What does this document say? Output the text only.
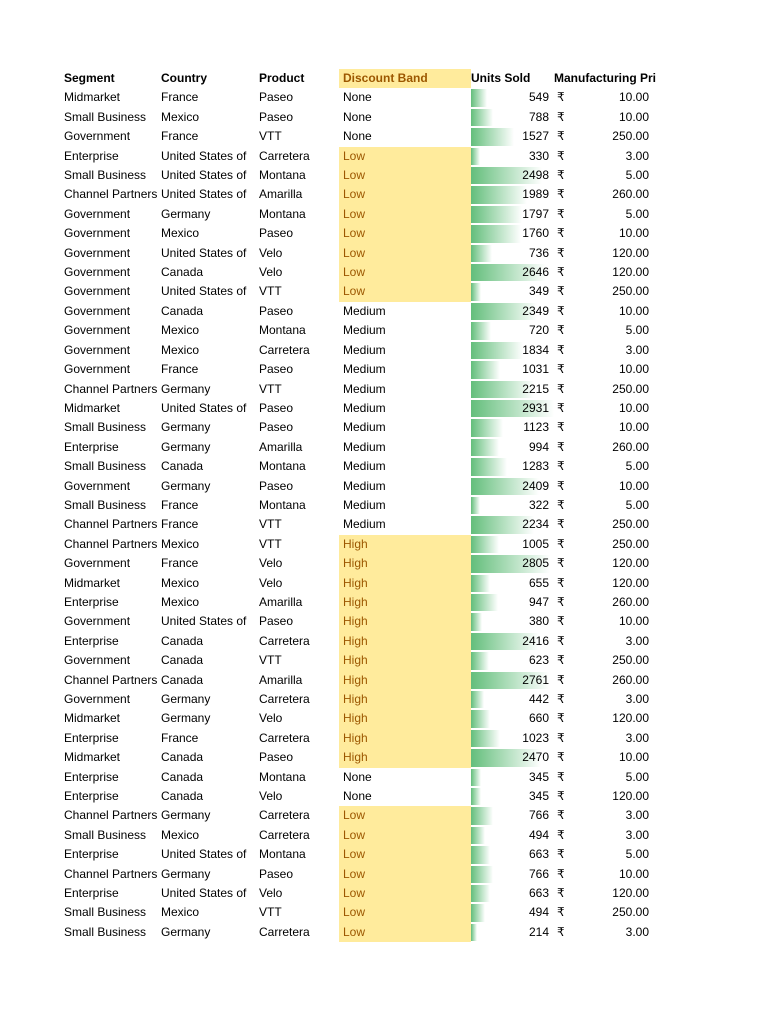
Segment	Country	Product	Discount Band	Units Sold	Manufacturing Pri
Midmarket	France	Paseo	None	549	₹ 10.00

Small Business	Mexico	Paseo	None	788	₹ 10.00

Government	France	VTT	None	1527	₹ 250.00

Enterprise	United States of	Carretera	Low	330	₹ 3.00

Small Business	United States of	Montana	Low	2498	₹ 5.00

Channel Partners	United States of	Amarilla	Low	1989	₹ 260.00

Government	Germany	Montana	Low	1797	₹ 5.00

Government	Mexico	Paseo	Low	1760	₹ 10.00

Government	United States of	Velo	Low	736	₹ 120.00

Government	Canada	Velo	Low	2646	₹ 120.00

Government	United States of	VTT	Low	349	₹ 250.00

Government	Canada	Paseo	Medium	2349	₹ 10.00

Government	Mexico	Montana	Medium	720	₹ 5.00

Government	Mexico	Carretera	Medium	1834	₹ 3.00

Government	France	Paseo	Medium	1031	₹ 10.00

Channel Partners	Germany	VTT	Medium	2215	₹ 250.00

Midmarket	United States of	Paseo	Medium	2931	₹ 10.00

Small Business	Germany	Paseo	Medium	1123	₹ 10.00

Enterprise	Germany	Amarilla	Medium	994	₹ 260.00

Small Business	Canada	Montana	Medium	1283	₹ 5.00

Government	Germany	Paseo	Medium	2409	₹ 10.00

Small Business	France	Montana	Medium	322	₹ 5.00

Channel Partners	France	VTT	Medium	2234	₹ 250.00

Channel Partners	Mexico	VTT	High	1005	₹ 250.00

Government	France	Velo	High	2805	₹ 120.00

Midmarket	Mexico	Velo	High	655	₹ 120.00

Enterprise	Mexico	Amarilla	High	947	₹ 260.00

Government	United States of	Paseo	High	380	₹ 10.00

Enterprise	Canada	Carretera	High	2416	₹ 3.00

Government	Canada	VTT	High	623	₹ 250.00

Channel Partners	Canada	Amarilla	High	2761	₹ 260.00

Government	Germany	Carretera	High	442	₹ 3.00

Midmarket	Germany	Velo	High	660	₹ 120.00

Enterprise	France	Carretera	High	1023	₹ 3.00

Midmarket	Canada	Paseo	High	2470	₹ 10.00

Enterprise	Canada	Montana	None	345	₹ 5.00

Enterprise	Canada	Velo	None	345	₹ 120.00

Channel Partners	Germany	Carretera	Low	766	₹ 3.00

Small Business	Mexico	Carretera	Low	494	₹ 3.00

Enterprise	United States of	Montana	Low	663	₹ 5.00

Channel Partners	Germany	Paseo	Low	766	₹ 10.00

Enterprise	United States of	Velo	Low	663	₹ 120.00

Small Business	Mexico	VTT	Low	494	₹ 250.00

Small Business	Germany	Carretera	Low	214	₹ 3.00
